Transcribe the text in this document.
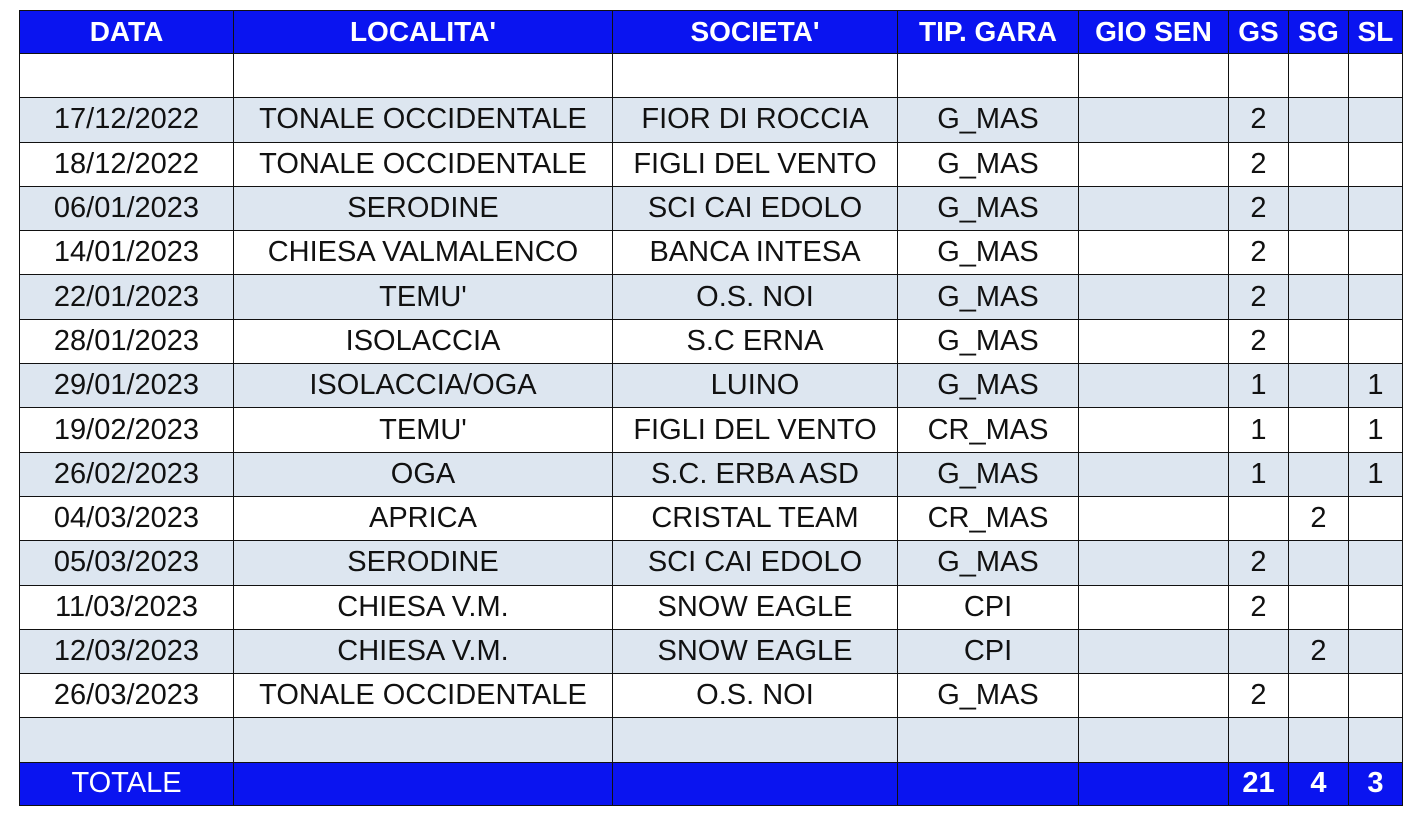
DATA	LOCALITA'	SOCIETA'	TIP. GARA	GIO SEN	GS	SG	SL

17/12/2022	TONALE OCCIDENTALE	FIOR DI ROCCIA	G_MAS		2		
18/12/2022	TONALE OCCIDENTALE	FIGLI DEL VENTO	G_MAS		2		
06/01/2023	SERODINE	SCI CAI EDOLO	G_MAS		2		
14/01/2023	CHIESA VALMALENCO	BANCA INTESA	G_MAS		2		
22/01/2023	TEMU'	O.S. NOI	G_MAS		2		
28/01/2023	ISOLACCIA	S.C ERNA	G_MAS		2		
29/01/2023	ISOLACCIA/OGA	LUINO	G_MAS		1		1
19/02/2023	TEMU'	FIGLI DEL VENTO	CR_MAS		1		1
26/02/2023	OGA	S.C. ERBA ASD	G_MAS		1		1
04/03/2023	APRICA	CRISTAL TEAM	CR_MAS			2	
05/03/2023	SERODINE	SCI CAI EDOLO	G_MAS		2		
11/03/2023	CHIESA V.M.	SNOW EAGLE	CPI		2		
12/03/2023	CHIESA V.M.	SNOW EAGLE	CPI			2	
26/03/2023	TONALE OCCIDENTALE	O.S. NOI	G_MAS		2		

TOTALE					21	4	3
